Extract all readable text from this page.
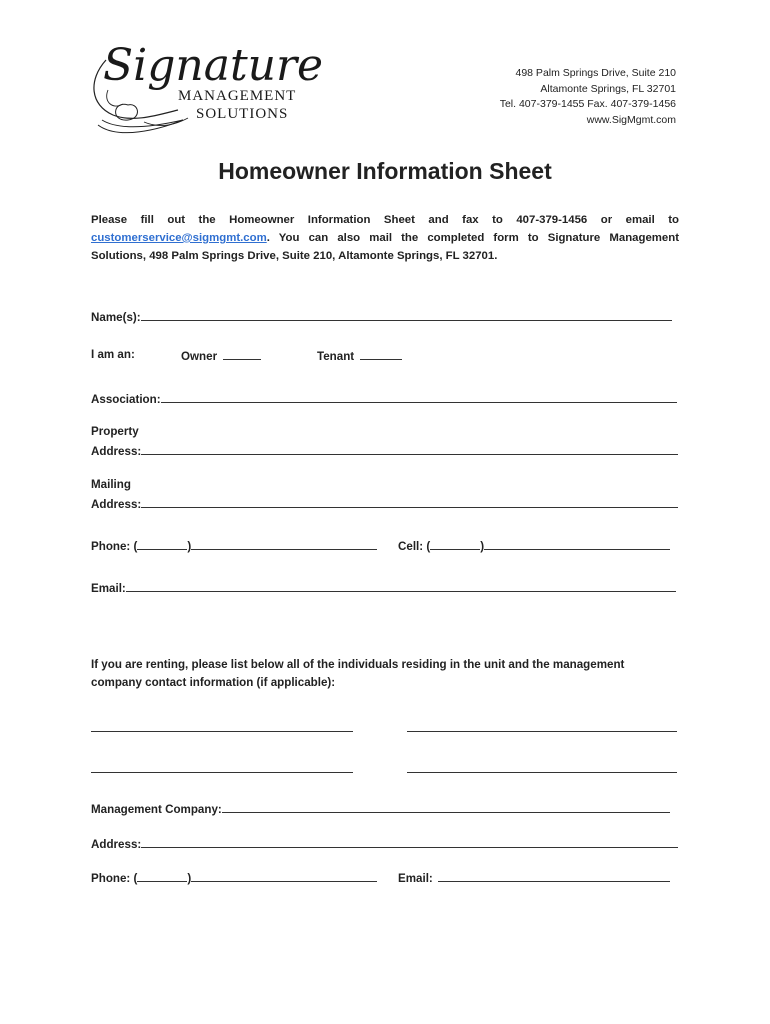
Signature
MANAGEMENT
SOLUTIONS
498 Palm Springs Drive, Suite 210
Altamonte Springs, FL 32701
Tel. 407-379-1455 Fax. 407-379-1456
www.SigMgmt.com
Homeowner Information Sheet
Please fill out the Homeowner Information Sheet and fax to 407-379-1456 or email to
customerservice@sigmgmt.com. You can also mail the completed form to Signature Management
Solutions, 498 Palm Springs Drive, Suite 210, Altamonte Springs, FL 32701.
Name(s):
I am an:	Owner	Tenant
Association:
Property
Address:
Mailing
Address:
Phone: (	)	Cell: (	)
Email:
If you are renting, please list below all of the individuals residing in the unit and the management
company contact information (if applicable):
Management Company:
Address:
Phone: (	)	Email:
